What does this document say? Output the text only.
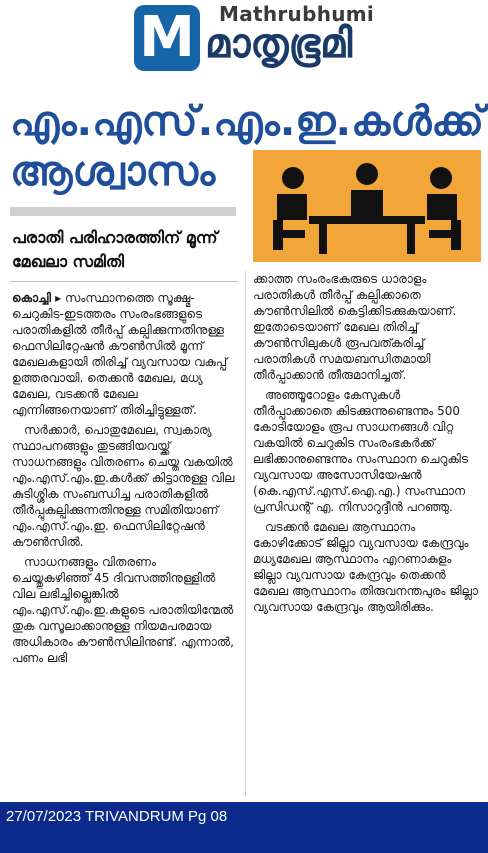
M Mathrubhumi
മാതൃഭൂമി
എം.എസ്.എം.ഇ.കൾക്ക്
ആശ്വാസം
പരാതി പരിഹാരത്തിന് മൂന്ന് മേഖലാ സമിതി

കൊച്ചി ▸ സംസ്ഥാനത്തെ സൂക്ഷ്മ-ചെറുകിട-ഇടത്തരം സംരംഭങ്ങളുടെ പരാതികളിൽ തീർപ്പ് കല്പിക്കുന്നതിനുള്ള ഫെസിലിറ്റേഷൻ കൗൺസിൽ മൂന്ന് മേഖലകളായി തിരിച്ച് വ്യവസായ വകുപ്പ് ഉത്തരവായി. തെക്കൻ മേഖല, മധ്യ മേഖല, വടക്കൻ മേഖല എന്നിങ്ങനെയാണ് തിരിച്ചിട്ടുള്ളത്.

സർക്കാർ, പൊതുമേഖല, സ്വകാര്യ സ്ഥാപനങ്ങളും തുടങ്ങിയവയ്ക്ക് സാധനങ്ങളും വിതരണം ചെയ്ത വകയിൽ എം.എസ്.എം.ഇ.കൾക്ക് കിട്ടാനുള്ള വില കുടിശ്ശിക സംബന്ധിച്ച പരാതികളിൽ തീർപ്പുകല്പിക്കുന്നതിനുള്ള സമിതിയാണ് എം.എസ്.എം.ഇ. ഫെസിലിറ്റേഷൻ കൗൺസിൽ.

സാധനങ്ങളും വിതരണം ചെയ്തുകഴിഞ്ഞ് 45 ദിവസത്തിനുള്ളിൽ വില ലഭിച്ചില്ലെങ്കിൽ എം.എസ്.എം.ഇ.കളുടെ പരാതിയിന്മേൽ തുക വസൂലാക്കാനുള്ള നിയമപരമായ അധികാരം കൗൺസിലിനുണ്ട്. എന്നാൽ, പണം ലഭി

ക്കാത്ത സംരംഭകരുടെ ധാരാളം പരാതികൾ തീർപ്പ് കല്പിക്കാതെ കൗൺസിലിൽ കെട്ടിക്കിടക്കുകയാണ്. ഇതോടെയാണ് മേഖല തിരിച്ച് കൗൺസിലുകൾ രൂപവത്കരിച്ച് പരാതികൾ സമയബന്ധിതമായി തീർപ്പാക്കാൻ തീരുമാനിച്ചത്.

അഞ്ഞൂറോളം കേസുകൾ തീർപ്പാക്കാതെ കിടക്കുന്നുണ്ടെന്നും 500 കോടിയോളം രൂപ സാധനങ്ങൾ വിറ്റ വകയിൽ ചെറുകിട സംരംഭകർക്ക് ലഭിക്കാനുണ്ടെന്നും സംസ്ഥാന ചെറുകിട വ്യവസായ അസോസിയേഷൻ (കെ.എസ്.എസ്.ഐ.എ.) സംസ്ഥാന പ്രസിഡന്റ് എ. നിസാറുദ്ദീൻ പറഞ്ഞു.

വടക്കൻ മേഖല ആസ്ഥാനം കോഴിക്കോട് ജില്ലാ വ്യവസായ കേന്ദ്രവും മധ്യമേഖല ആസ്ഥാനം എറണാകുളം ജില്ലാ വ്യവസായ കേന്ദ്രവും തെക്കൻ മേഖല ആസ്ഥാനം തിരുവനന്തപുരം ജില്ലാ വ്യവസായ കേന്ദ്രവും ആയിരിക്കും.

27/07/2023 TRIVANDRUM Pg 08
